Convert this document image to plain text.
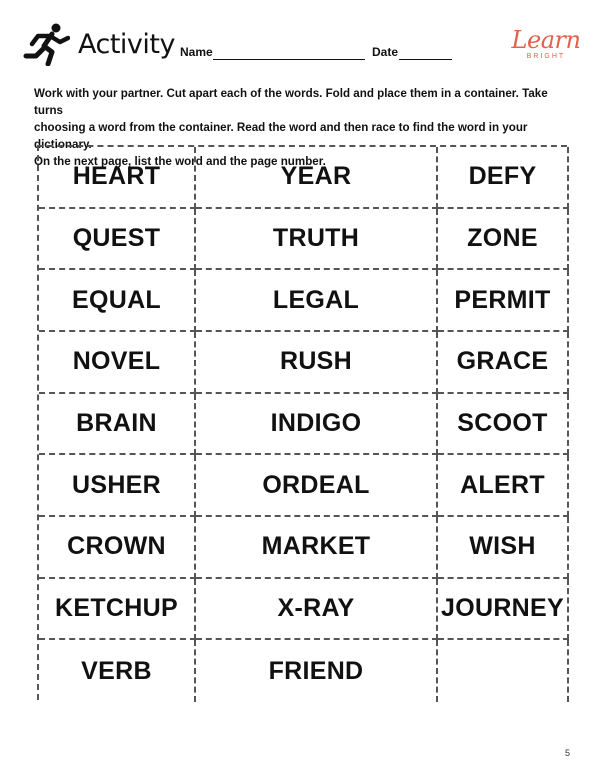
Activity Name	Date	Learn
BRIGHT

Work with your partner. Cut apart each of the words. Fold and place them in a container. Take turns

choosing a word from the container. Read the word and then race to find the word in your dictionary.

On the next page, list the word and the page number.

HEART	YEAR	DEFY
QUEST	TRUTH	ZONE
EQUAL	LEGAL	PERMIT
NOVEL	RUSH	GRACE
BRAIN	INDIGO	SCOOT
USHER	ORDEAL	ALERT
CROWN	MARKET	WISH
KETCHUP	X-RAY	JOURNEY
VERB	FRIEND
5
